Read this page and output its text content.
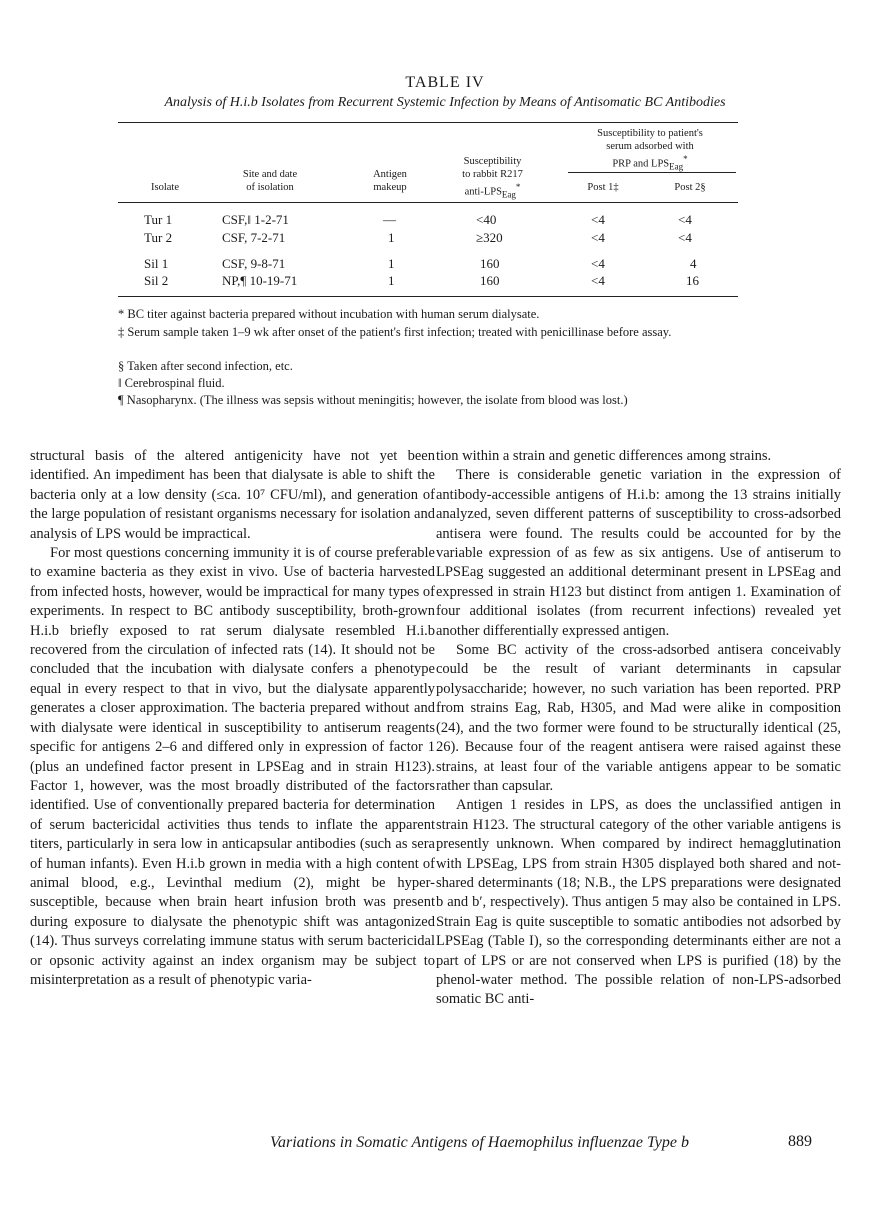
TABLE IV
Analysis of H.i.b Isolates from Recurrent Systemic Infection by Means of Antisomatic BC Antibodies
Isolate
Site and date
of isolation
Antigen
makeup
Susceptibility
to rabbit R217
anti-$LPS_{Eag}^*$
Susceptibility to patient's
serum adsorbed with
PRP and $LPS_{Eag}^*$
Post 1‡	Post 2§
Tur 1	CSF,‖ 1-2-71	—	<40	<4	<4
Tur 2	CSF, 7-2-71	1	≥320	<4	<4
Sil 1	CSF, 9-8-71	1	160	<4	4
Sil 2	NP,¶ 10-19-71	1	160	<4	16
* BC titer against bacteria prepared without incubation with human serum dialysate.
‡ Serum sample taken 1–9 wk after onset of the patient's first infection; treated with penicillinase before assay.
§ Taken after second infection, etc.
‖ Cerebrospinal fluid.
¶ Nasopharynx. (The illness was sepsis without meningitis; however, the isolate from blood was lost.)

structural basis of the altered antigenicity have not yet been identified. An impediment has been that dialysate is able to shift the bacteria only at a low density (≤ca. 10⁷ CFU/ml), and generation of the large population of resistant organisms necessary for isolation and analysis of LPS would be impractical.

For most questions concerning immunity it is of course preferable to examine bacteria as they exist in vivo. Use of bacteria harvested from infected hosts, however, would be impractical for many types of experiments. In respect to BC antibody susceptibility, broth-grown H.i.b briefly exposed to rat serum dialysate resembled H.i.b recovered from the circulation of infected rats (14). It should not be concluded that the incubation with dialysate confers a phenotype equal in every respect to that in vivo, but the dialysate apparently generates a closer approximation. The bacteria prepared without and with dialysate were identical in susceptibility to antiserum reagents specific for antigens 2–6 and differed only in expression of factor 1 (plus an undefined factor present in LPSEag and in strain H123). Factor 1, however, was the most broadly distributed of the factors identified. Use of conventionally prepared bacteria for determination of serum bactericidal activities thus tends to inflate the apparent titers, particularly in sera low in anticapsular antibodies (such as sera of human infants). Even H.i.b grown in media with a high content of animal blood, e.g., Levinthal medium (2), might be hyper-susceptible, because when brain heart infusion broth was present during exposure to dialysate the phenotypic shift was antagonized (14). Thus surveys correlating immune status with serum bactericidal or opsonic activity against an index organism may be subject to misinterpretation as a result of phenotypic varia-

tion within a strain and genetic differences among strains.

There is considerable genetic variation in the expression of antibody-accessible antigens of H.i.b: among the 13 strains initially analyzed, seven different patterns of susceptibility to cross-adsorbed antisera were found. The results could be accounted for by the variable expression of as few as six antigens. Use of antiserum to LPSEag suggested an additional determinant present in LPSEag and expressed in strain H123 but distinct from antigen 1. Examination of four additional isolates (from recurrent infections) revealed yet another differentially expressed antigen.

Some BC activity of the cross-adsorbed antisera conceivably could be the result of variant determinants in capsular polysaccharide; however, no such variation has been reported. PRP from strains Eag, Rab, H305, and Mad were alike in composition (24), and the two former were found to be structurally identical (25, 26). Because four of the reagent antisera were raised against these strains, at least four of the variable antigens appear to be somatic rather than capsular.

Antigen 1 resides in LPS, as does the unclassified antigen in strain H123. The structural category of the other variable antigens is presently unknown. When compared by indirect hemagglutination with LPSEag, LPS from strain H305 displayed both shared and not-shared determinants (18; N.B., the LPS preparations were designated b and b′, respectively). Thus antigen 5 may also be contained in LPS. Strain Eag is quite susceptible to somatic antibodies not adsorbed by LPSEag (Table I), so the corresponding determinants either are not a part of LPS or are not conserved when LPS is purified (18) by the phenol-water method. The possible relation of non-LPS-adsorbed somatic BC anti-

Variations in Somatic Antigens of Haemophilus influenzae Type b	889
